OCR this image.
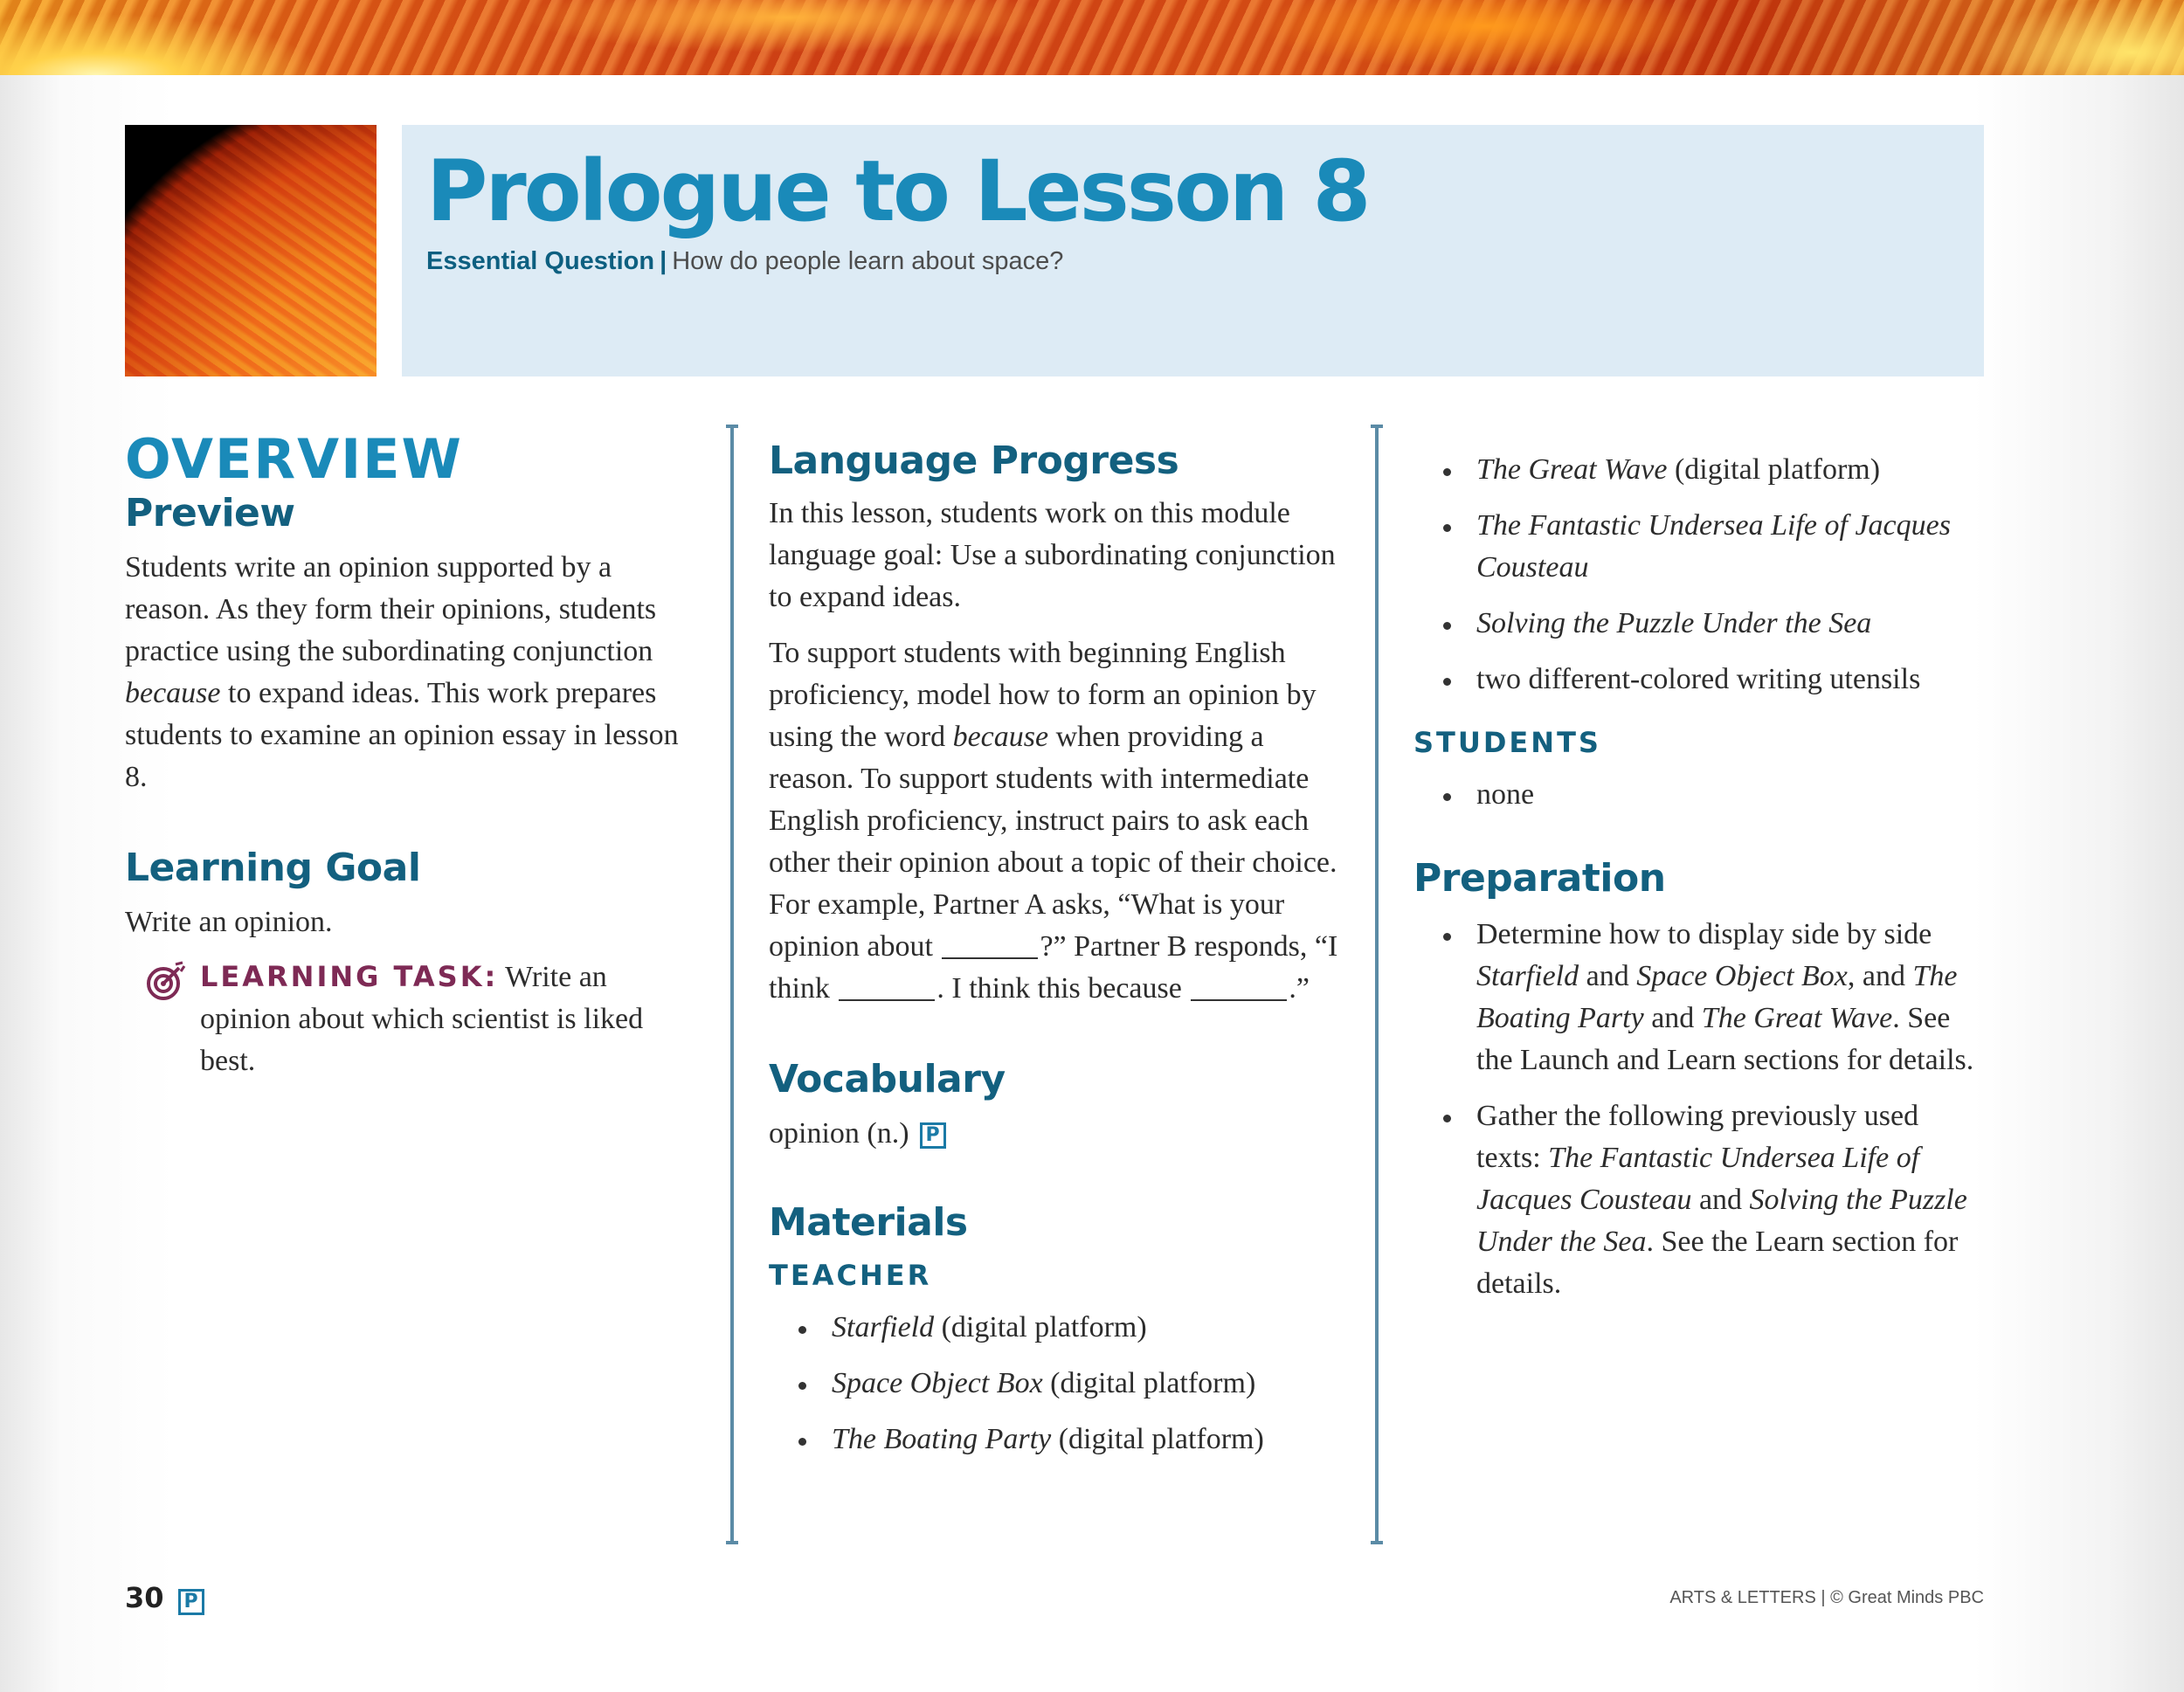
Prologue to Lesson 8
Essential Question | How do people learn about space?
OVERVIEW
Preview

Students write an opinion supported by a reason. As they form their opinions, students practice using the subordinating conjunction because to expand ideas. This work prepares students to examine an opinion essay in lesson 8.

Learning Goal

Write an opinion.

LEARNING TASK: Write an opinion about which scientist is liked best.

Language Progress

In this lesson, students work on this module language goal: Use a subordinating conjunction to expand ideas.

To support students with beginning English proficiency, model how to form an opinion by using the word because when providing a reason. To support students with intermediate English proficiency, instruct pairs to ask each other their opinion about a topic of their choice. For example, Partner A asks, “What is your opinion about	?” Partner B responds, “I think	. I think this because	.”

Vocabulary

opinion (n.) P

Materials
TEACHER
Starfield (digital platform)
Space Object Box (digital platform)
The Boating Party (digital platform)
The Great Wave (digital platform)
The Fantastic Undersea Life of Jacques Cousteau
Solving the Puzzle Under the Sea
two different-colored writing utensils
STUDENTS
none
Preparation
Determine how to display side by side Starfield and Space Object Box, and The Boating Party and The Great Wave. See the Launch and Learn sections for details.
Gather the following previously used texts: The Fantastic Undersea Life of Jacques Cousteau and Solving the Puzzle Under the Sea. See the Learn section for details.
30 P	ARTS & LETTERS | © Great Minds PBC
